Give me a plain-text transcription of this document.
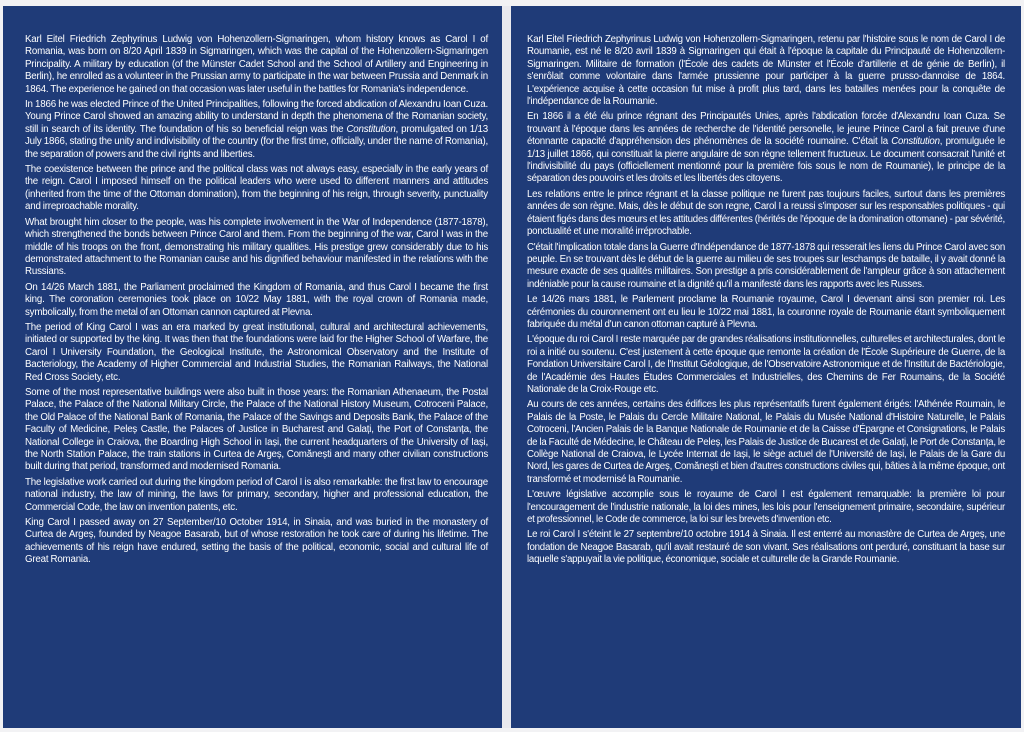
Karl Eitel Friedrich Zephyrinus Ludwig von Hohenzollern-Sigmaringen, whom history knows as Carol I of Romania, was born on 8/20 April 1839 in Sigmaringen, which was the capital of the Hohenzollern-Sigmaringen Principality. A military by education (of the Münster Cadet School and the School of Artillery and Engineering in Berlin), he enrolled as a volunteer in the Prussian army to participate in the war between Prussia and Denmark in 1864. The experience he gained on that occasion was later useful in the battles for Romania's independence.

In 1866 he was elected Prince of the United Principalities, following the forced abdication of Alexandru Ioan Cuza. Young Prince Carol showed an amazing ability to understand in depth the phenomena of the Romanian society, still in search of its identity. The foundation of his so beneficial reign was the Constitution, promulgated on 1/13 July 1866, stating the unity and indivisibility of the country (for the first time, officially, under the name of Romania), the separation of powers and the civil rights and liberties.

The coexistence between the prince and the political class was not always easy, especially in the early years of the reign. Carol I imposed himself on the political leaders who were used to different manners and attitudes (inherited from the time of the Ottoman domination), from the beginning of his reign, through severity, punctuality and irreproachable morality.

What brought him closer to the people, was his complete involvement in the War of Independence (1877-1878), which strengthened the bonds between Prince Carol and them. From the beginning of the war, Carol I was in the middle of his troops on the front, demonstrating his military qualities. His prestige grew considerably due to his demonstrated attachment to the Romanian cause and his dignified behaviour manifested in the relations with the Russians.

On 14/26 March 1881, the Parliament proclaimed the Kingdom of Romania, and thus Carol I became the first king. The coronation ceremonies took place on 10/22 May 1881, with the royal crown of Romania made, symbolically, from the metal of an Ottoman cannon captured at Plevna.

The period of King Carol I was an era marked by great institutional, cultural and architectural achievements, initiated or supported by the king. It was then that the foundations were laid for the Higher School of Warfare, the Carol I University Foundation, the Geological Institute, the Astronomical Observatory and the Institute of Bacteriology, the Academy of Higher Commercial and Industrial Studies, the Romanian Railways, the National Red Cross Society, etc.

Some of the most representative buildings were also built in those years: the Romanian Athenaeum, the Postal Palace, the Palace of the National Military Circle, the Palace of the National History Museum, Cotroceni Palace, the Old Palace of the National Bank of Romania, the Palace of the Savings and Deposits Bank, the Palace of the Faculty of Medicine, Peleș Castle, the Palaces of Justice in Bucharest and Galați, the Port of Constanța, the National College in Craiova, the Boarding High School in Iași, the current headquarters of the University of Iași, the North Station Palace, the train stations in Curtea de Argeș, Comănești and many other civilian constructions built during that period, transformed and modernised Romania.

The legislative work carried out during the kingdom period of Carol I is also remarkable: the first law to encourage national industry, the law of mining, the laws for primary, secondary, higher and professional education, the Commercial Code, the law on invention patents, etc.

King Carol I passed away on 27 September/10 October 1914, in Sinaia, and was buried in the monastery of Curtea de Argeș, founded by Neagoe Basarab, but of whose restoration he took care of during his lifetime. The achievements of his reign have endured, setting the basis of the political, economic, social and cultural life of Great Romania.

Karl Eitel Friedrich Zephyrinus Ludwig von Hohenzollern-Sigmaringen, retenu par l'histoire sous le nom de Carol I de Roumanie, est né le 8/20 avril 1839 à Sigmaringen qui était à l'époque la capitale du Principauté de Hohenzollern-Sigmaringen. Militaire de formation (l'École des cadets de Münster et l'École d'artillerie et de génie de Berlin), il s'enrôlait comme volontaire dans l'armée prussienne pour participer à la guerre prusso-dannoise de 1864. L'expérience acquise à cette occasion fut mise à profit plus tard, dans les batailles menées pour la conquête de l'indépendance de la Roumanie.

En 1866 il a été élu prince régnant des Principautés Unies, après l'abdication forcée d'Alexandru Ioan Cuza. Se trouvant à l'époque dans les années de recherche de l'identité personelle, le jeune Prince Carol a fait preuve d'une étonnante capacité d'appréhension des phénomènes de la société roumaine. C'était la Constitution, promulguée le 1/13 juillet 1866, qui constituait la pierre angulaire de son règne tellement fructueux. Le document consacrait l'unité et l'indivisibilité du pays (officiellement mentionné pour la première fois sous le nom de Roumanie), le principe de la séparation des pouvoirs et les droits et les libertés des citoyens.

Les relations entre le prince régnant et la classe politique ne furent pas toujours faciles, surtout dans les premières années de son règne. Mais, dès le début de son regne, Carol I a reussi s'imposer sur les responsables politiques - qui étaient figés dans des mœurs et les attitudes différentes (hérités de l'époque de la domination ottomane) - par sévérité, ponctualité et une moralité irréprochable.

C'était l'implication totale dans la Guerre d'Indépendance de 1877-1878 qui resserait les liens du Prince Carol avec son peuple. En se trouvant dès le début de la guerre au milieu de ses troupes sur leschamps de bataille, il y avait donné la mesure exacte de ses qualités militaires. Son prestige a pris considérablement de l'ampleur grâce à son attachement indéniable pour la cause roumaine et la dignité qu'il a manifesté dans les rapports avec les Russes.

Le 14/26 mars 1881, le Parlement proclame la Roumanie royaume, Carol I devenant ainsi son premier roi. Les cérémonies du couronnement ont eu lieu le 10/22 mai 1881, la couronne royale de Roumanie étant symboliquement fabriquée du métal d'un canon ottoman capturé à Plevna.

L'époque du roi Carol I reste marquée par de grandes réalisations institutionnelles, culturelles et architecturales, dont le roi a initié ou soutenu. C'est justement à cette époque que remonte la création de l'École Supérieure de Guerre, de la Fondation Universitaire Carol I, de l'Institut Géologique, de l'Observatoire Astronomique et de l'Institut de Bactériologie, de l'Académie des Hautes Études Commerciales et Industrielles, des Chemins de Fer Roumains, de la Société Nationale de la Croix-Rouge etc.

Au cours de ces années, certains des édifices les plus représentatifs furent également érigés: l'Athénée Roumain, le Palais de la Poste, le Palais du Cercle Militaire National, le Palais du Musée National d'Histoire Naturelle, le Palais Cotroceni, l'Ancien Palais de la Banque Nationale de Roumanie et de la Caisse d'Épargne et Consignations, le Palais de la Faculté de Médecine, le Château de Peleș, les Palais de Justice de Bucarest et de Galați, le Port de Constanța, le Collège National de Craiova, le Lycée Internat de Iași, le siège actuel de l'Université de Iași, le Palais de la Gare du Nord, les gares de Curtea de Argeș, Comănești et bien d'autres constructions civiles qui, bâties à la même époque, ont transformé et modernisé la Roumanie.

L'œuvre législative accomplie sous le royaume de Carol I est également remarquable: la première loi pour l'encouragement de l'industrie nationale, la loi des mines, les lois pour l'enseignement primaire, secondaire, supérieur et professionnel, le Code de commerce, la loi sur les brevets d'invention etc.

Le roi Carol I s'éteint le 27 septembre/10 octobre 1914 à Sinaia. Il est enterré au monastère de Curtea de Argeș, une fondation de Neagoe Basarab, qu'il avait restauré de son vivant. Ses réalisations ont perduré, constituant la base sur laquelle s'appuyait la vie politique, économique, sociale et culturelle de la Grande Roumanie.
